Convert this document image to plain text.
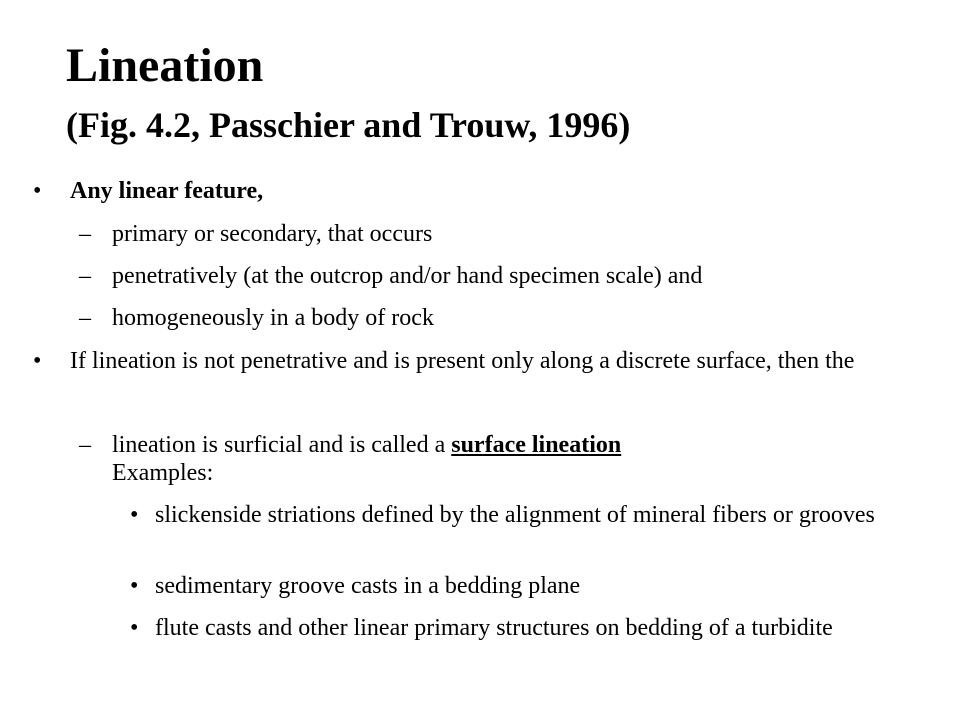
Lineation
(Fig. 4.2, Passchier and Trouw, 1996)
• Any linear feature,

– primary or secondary, that occurs

– penetratively (at the outcrop and/or hand specimen scale) and

– homogeneously in a body of rock

• If lineation is not penetrative and is present only along a discrete surface, then the

– lineation is surficial and is called a surface lineation
Examples:

• slickenside striations defined by the alignment of mineral fibers or grooves

• sedimentary groove casts in a bedding plane

• flute casts and other linear primary structures on bedding of a turbidite
